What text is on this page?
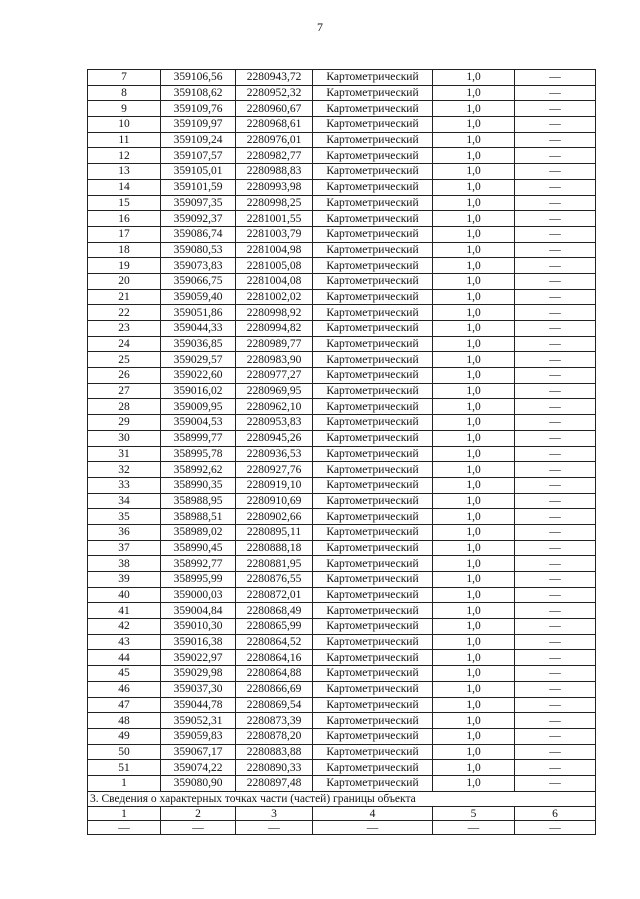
7
7	359106,56	2280943,72	Картометрический	1,0	—
8	359108,62	2280952,32	Картометрический	1,0	—
9	359109,76	2280960,67	Картометрический	1,0	—
10	359109,97	2280968,61	Картометрический	1,0	—
11	359109,24	2280976,01	Картометрический	1,0	—
12	359107,57	2280982,77	Картометрический	1,0	—
13	359105,01	2280988,83	Картометрический	1,0	—
14	359101,59	2280993,98	Картометрический	1,0	—
15	359097,35	2280998,25	Картометрический	1,0	—
16	359092,37	2281001,55	Картометрический	1,0	—
17	359086,74	2281003,79	Картометрический	1,0	—
18	359080,53	2281004,98	Картометрический	1,0	—
19	359073,83	2281005,08	Картометрический	1,0	—
20	359066,75	2281004,08	Картометрический	1,0	—
21	359059,40	2281002,02	Картометрический	1,0	—
22	359051,86	2280998,92	Картометрический	1,0	—
23	359044,33	2280994,82	Картометрический	1,0	—
24	359036,85	2280989,77	Картометрический	1,0	—
25	359029,57	2280983,90	Картометрический	1,0	—
26	359022,60	2280977,27	Картометрический	1,0	—
27	359016,02	2280969,95	Картометрический	1,0	—
28	359009,95	2280962,10	Картометрический	1,0	—
29	359004,53	2280953,83	Картометрический	1,0	—
30	358999,77	2280945,26	Картометрический	1,0	—
31	358995,78	2280936,53	Картометрический	1,0	—
32	358992,62	2280927,76	Картометрический	1,0	—
33	358990,35	2280919,10	Картометрический	1,0	—
34	358988,95	2280910,69	Картометрический	1,0	—
35	358988,51	2280902,66	Картометрический	1,0	—
36	358989,02	2280895,11	Картометрический	1,0	—
37	358990,45	2280888,18	Картометрический	1,0	—
38	358992,77	2280881,95	Картометрический	1,0	—
39	358995,99	2280876,55	Картометрический	1,0	—
40	359000,03	2280872,01	Картометрический	1,0	—
41	359004,84	2280868,49	Картометрический	1,0	—
42	359010,30	2280865,99	Картометрический	1,0	—
43	359016,38	2280864,52	Картометрический	1,0	—
44	359022,97	2280864,16	Картометрический	1,0	—
45	359029,98	2280864,88	Картометрический	1,0	—
46	359037,30	2280866,69	Картометрический	1,0	—
47	359044,78	2280869,54	Картометрический	1,0	—
48	359052,31	2280873,39	Картометрический	1,0	—
49	359059,83	2280878,20	Картометрический	1,0	—
50	359067,17	2280883,88	Картометрический	1,0	—
51	359074,22	2280890,33	Картометрический	1,0	—
1	359080,90	2280897,48	Картометрический	1,0	—
3. Сведения о характерных точках части (частей) границы объекта					
1	2	3	4	5	6
—	—	—	—	—	—
